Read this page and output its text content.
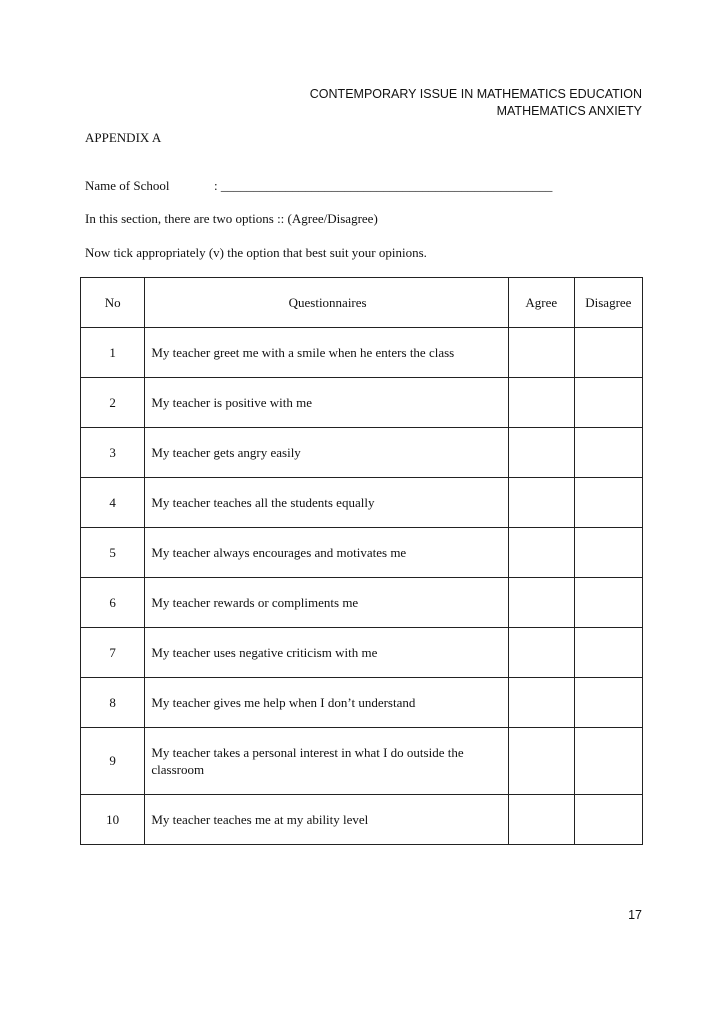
CONTEMPORARY ISSUE IN MATHEMATICS EDUCATION
MATHEMATICS ANXIETY
APPENDIX A
Name of School	: ___________________________________________________
In this section, there are two options :: (Agree/Disagree)
Now tick appropriately (v) the option that best suit your opinions.
No	Questionnaires	Agree	Disagree
1	My teacher greet me with a smile when he enters the class		
2	My teacher is positive with me		
3	My teacher gets angry easily		
4	My teacher teaches all the students equally		
5	My teacher always encourages and motivates me		
6	My teacher rewards or compliments me		
7	My teacher uses negative criticism with me		
8	My teacher gives me help when I don’t understand		
9	My teacher takes a personal interest in what I do outside the classroom		
10	My teacher teaches me at my ability level		
17
